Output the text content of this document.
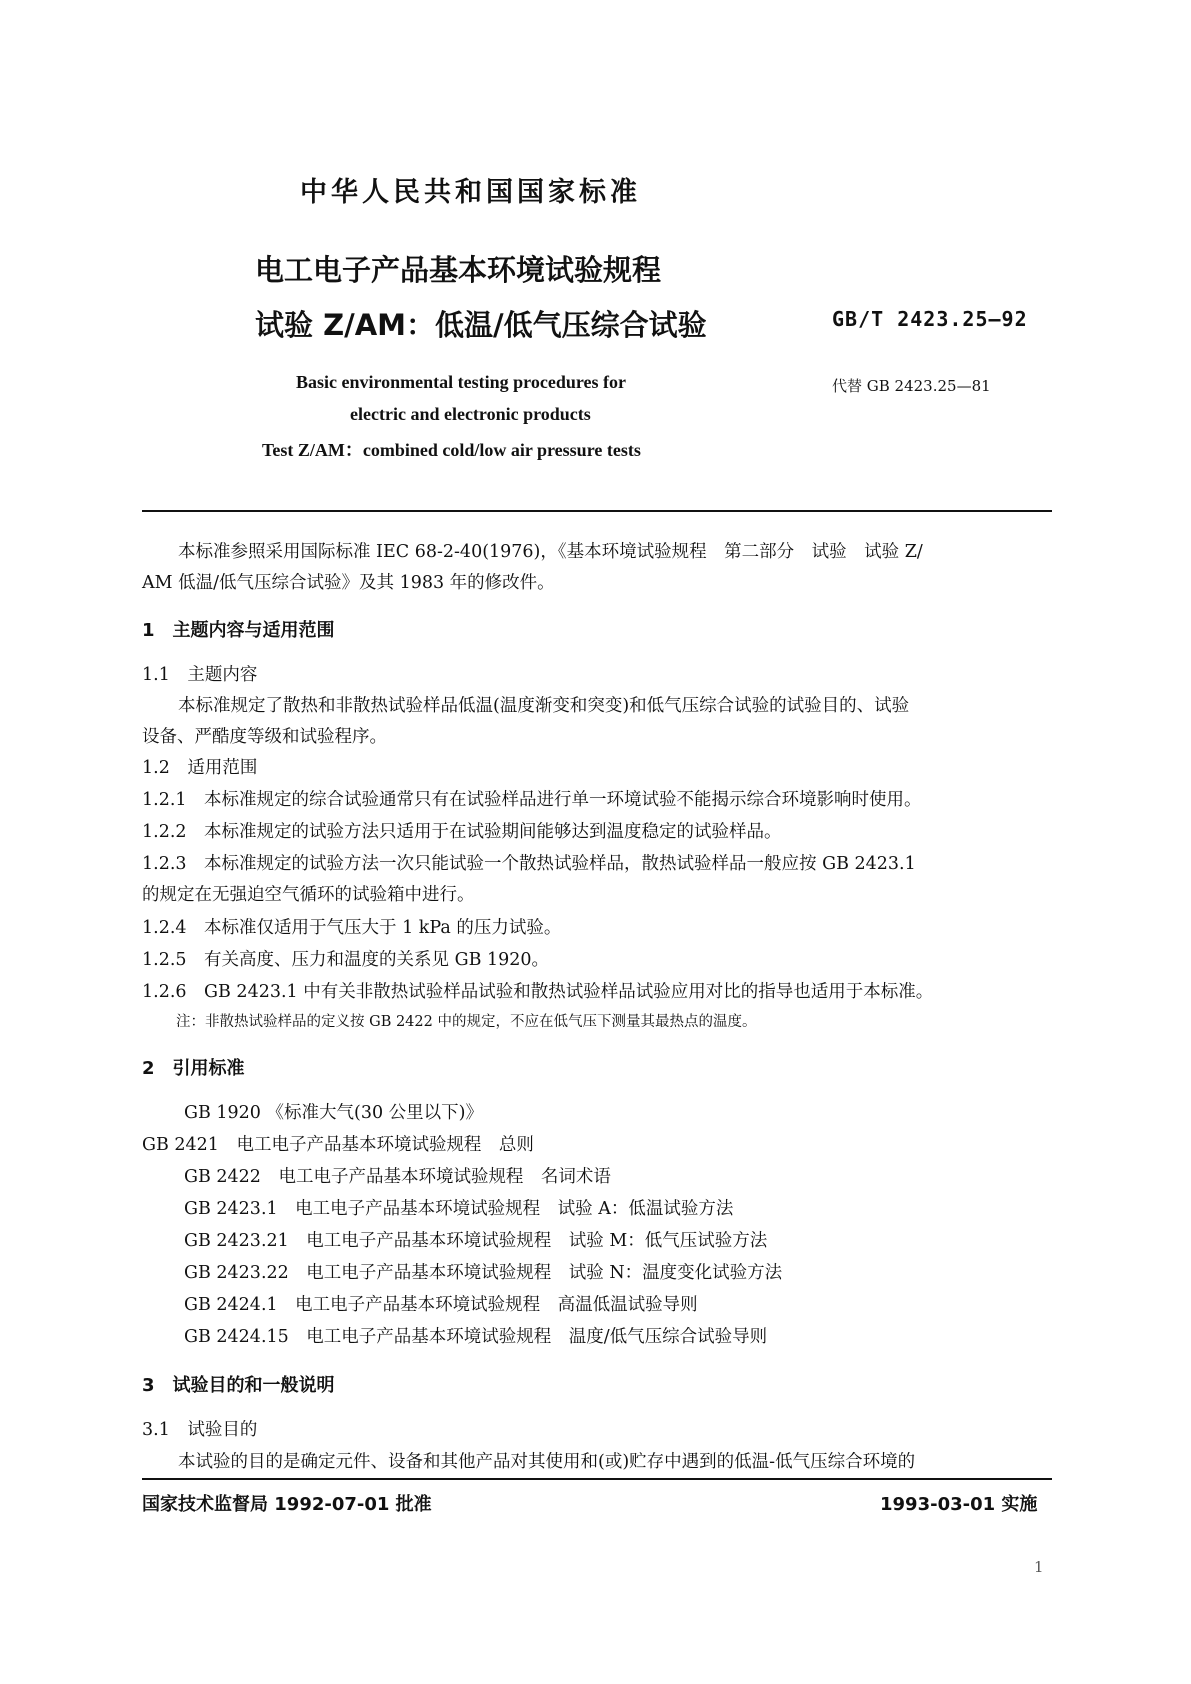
中华人民共和国国家标准
电工电子产品基本环境试验规程
试验 Z/AM：低温/低气压综合试验	GB/T 2423.25—92
代替 GB 2423.25—81
Basic environmental testing procedures for
electric and electronic products
Test Z/AM：combined cold/low air pressure tests
本标准参照采用国际标准 IEC 68-2-40(1976)，《基本环境试验规程　第二部分　试验　试验 Z/
AM 低温/低气压综合试验》及其 1983 年的修改件。
1　主题内容与适用范围
1.1　主题内容
本标准规定了散热和非散热试验样品低温(温度渐变和突变)和低气压综合试验的试验目的、试验
设备、严酷度等级和试验程序。
1.2　适用范围
1.2.1　本标准规定的综合试验通常只有在试验样品进行单一环境试验不能揭示综合环境影响时使用。
1.2.2　本标准规定的试验方法只适用于在试验期间能够达到温度稳定的试验样品。
1.2.3　本标准规定的试验方法一次只能试验一个散热试验样品，散热试验样品一般应按 GB 2423.1
的规定在无强迫空气循环的试验箱中进行。
1.2.4　本标准仅适用于气压大于 1 kPa 的压力试验。
1.2.5　有关高度、压力和温度的关系见 GB 1920。
1.2.6　GB 2423.1 中有关非散热试验样品试验和散热试验样品试验应用对比的指导也适用于本标准。
注：非散热试验样品的定义按 GB 2422 中的规定，不应在低气压下测量其最热点的温度。
2　引用标准
GB 1920 《标准大气(30 公里以下)》
GB 2421　电工电子产品基本环境试验规程　总则
GB 2422　电工电子产品基本环境试验规程　名词术语
GB 2423.1　电工电子产品基本环境试验规程　试验 A：低温试验方法
GB 2423.21　电工电子产品基本环境试验规程　试验 M：低气压试验方法
GB 2423.22　电工电子产品基本环境试验规程　试验 N：温度变化试验方法
GB 2424.1　电工电子产品基本环境试验规程　高温低温试验导则
GB 2424.15　电工电子产品基本环境试验规程　温度/低气压综合试验导则
3　试验目的和一般说明
3.1　试验目的
本试验的目的是确定元件、设备和其他产品对其使用和(或)贮存中遇到的低温-低气压综合环境的
国家技术监督局 1992-07-01 批准	1993-03-01 实施
1
